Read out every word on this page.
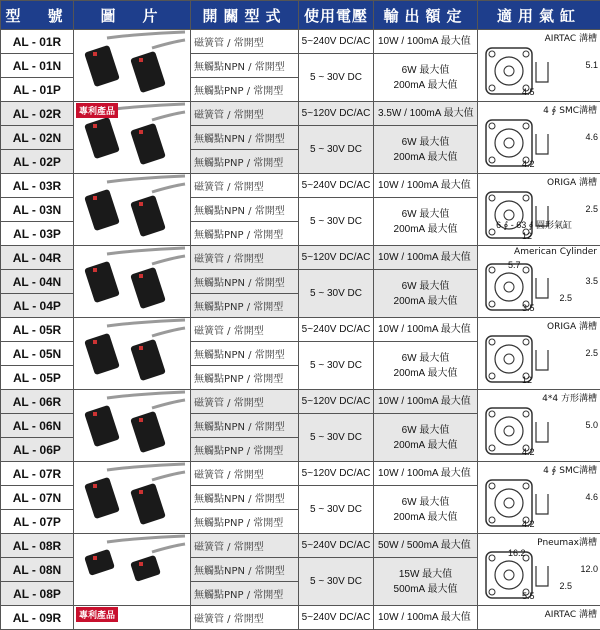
型　號	圖　片	開關型式	使用電壓	輸出額定	適用氣缸
AL - 01R		磁簧管 / 常開型	5~240V DC/AC	10W / 100mA 最大值	AIRTAC 溝槽
5.1
4.5

AL - 01N		無觸點NPN / 常開型	5 ~ 30V DC	6W 最大值
200mA 最大值	

AL - 01P		無觸點PNP / 常開型			
AL - 02R	專利產品	磁簧管 / 常開型	5~120V DC/AC	3.5W / 100mA 最大值	4 ∮ SMC溝槽
4.6
4.2

AL - 02N		無觸點NPN / 常開型	5 ~ 30V DC	6W 最大值
200mA 最大值	

AL - 02P		無觸點PNP / 常開型			
AL - 03R		磁簧管 / 常開型	5~240V DC/AC	10W / 100mA 最大值	ORIGA 溝槽
2.5
12
6 ∮ - 63 ∮ 圓形氣缸

AL - 03N		無觸點NPN / 常開型	5 ~ 30V DC	6W 最大值
200mA 最大值	

AL - 03P		無觸點PNP / 常開型			
AL - 04R		磁簧管 / 常開型	5~120V DC/AC	10W / 100mA 最大值	American Cylinder
3.5
3.5
2.5
5.7

AL - 04N		無觸點NPN / 常開型	5 ~ 30V DC	6W 最大值
200mA 最大值	

AL - 04P		無觸點PNP / 常開型			
AL - 05R		磁簧管 / 常開型	5~240V DC/AC	10W / 100mA 最大值	ORIGA 溝槽
2.5
12

AL - 05N		無觸點NPN / 常開型	5 ~ 30V DC	6W 最大值
200mA 最大值	

AL - 05P		無觸點PNP / 常開型			
AL - 06R		磁簧管 / 常開型	5~120V DC/AC	10W / 100mA 最大值	4*4 方形溝槽
5.0
4.2

AL - 06N		無觸點NPN / 常開型	5 ~ 30V DC	6W 最大值
200mA 最大值	

AL - 06P		無觸點PNP / 常開型			
AL - 07R		磁簧管 / 常開型	5~120V DC/AC	10W / 100mA 最大值	4 ∮ SMC溝槽
4.6
4.2

AL - 07N		無觸點NPN / 常開型	5 ~ 30V DC	6W 最大值
200mA 最大值	

AL - 07P		無觸點PNP / 常開型			
AL - 08R		磁簧管 / 常開型	5~240V DC/AC	50W / 500mA 最大值	Pneumax溝槽
12.0
5.5
2.5
16.2

AL - 08N		無觸點NPN / 常開型	5 ~ 30V DC	15W 最大值
500mA 最大值	

AL - 08P		無觸點PNP / 常開型			
AL - 09R	專利產品	磁簧管 / 常開型	5~240V DC/AC	10W / 100mA 最大值	AIRTAC 溝槽
